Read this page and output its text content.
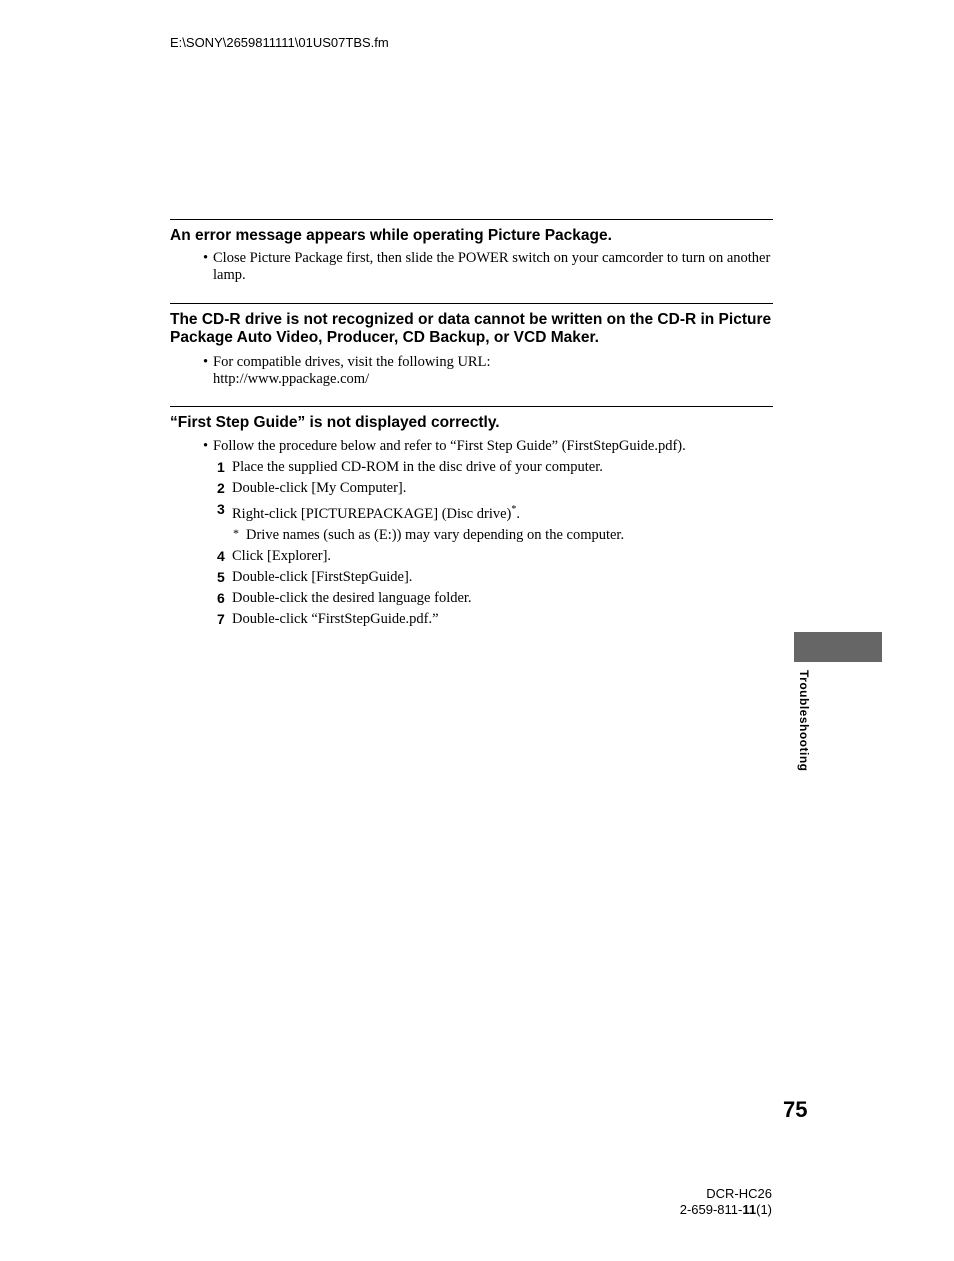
E:\SONY\2659811111\01US07TBS.fm
An error message appears while operating Picture Package.
• Close Picture Package first, then slide the POWER switch on your camcorder to turn on another lamp.
The CD-R drive is not recognized or data cannot be written on the CD-R in Picture Package Auto Video, Producer, CD Backup, or VCD Maker.
• For compatible drives, visit the following URL:
http://www.ppackage.com/
“First Step Guide” is not displayed correctly.
• Follow the procedure below and refer to “First Step Guide” (FirstStepGuide.pdf).
1 Place the supplied CD-ROM in the disc drive of your computer.
2 Double-click [My Computer].
3 Right-click [PICTUREPACKAGE] (Disc drive)*.
* Drive names (such as (E:)) may vary depending on the computer.
4 Click [Explorer].
5 Double-click [FirstStepGuide].
6 Double-click the desired language folder.
7 Double-click “FirstStepGuide.pdf.”
Troubleshooting
75
DCR-HC26
2-659-811-11(1)
